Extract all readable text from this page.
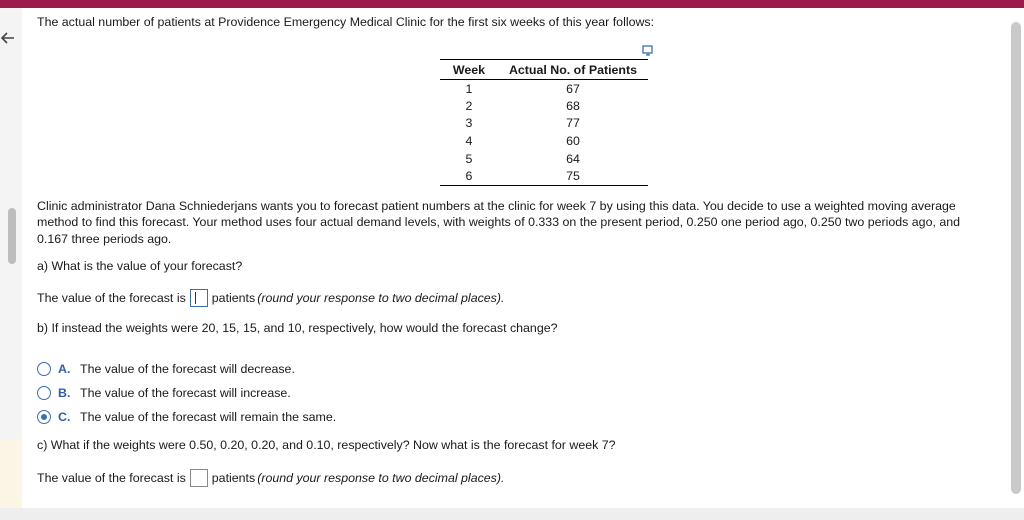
The actual number of patients at Providence Emergency Medical Clinic for the first six weeks of this year follows:
Week	Actual No. of Patients
1	67
2	68
3	77
4	60
5	64
6	75
Clinic administrator Dana Schniederjans wants you to forecast patient numbers at the clinic for week 7 by using this data. You decide to use a weighted moving average method to find this forecast. Your method uses four actual demand levels, with weights of 0.333 on the present period, 0.250 one period ago, 0.250 two periods ago, and 0.167 three periods ago.
a) What is the value of your forecast?
The value of the forecast is patients (round your response to two decimal places).
b) If instead the weights were 20, 15, 15, and 10, respectively, how would the forecast change?
A. The value of the forecast will decrease.
B. The value of the forecast will increase.
C. The value of the forecast will remain the same.
c) What if the weights were 0.50, 0.20, 0.20, and 0.10, respectively? Now what is the forecast for week 7?
The value of the forecast is patients (round your response to two decimal places).
